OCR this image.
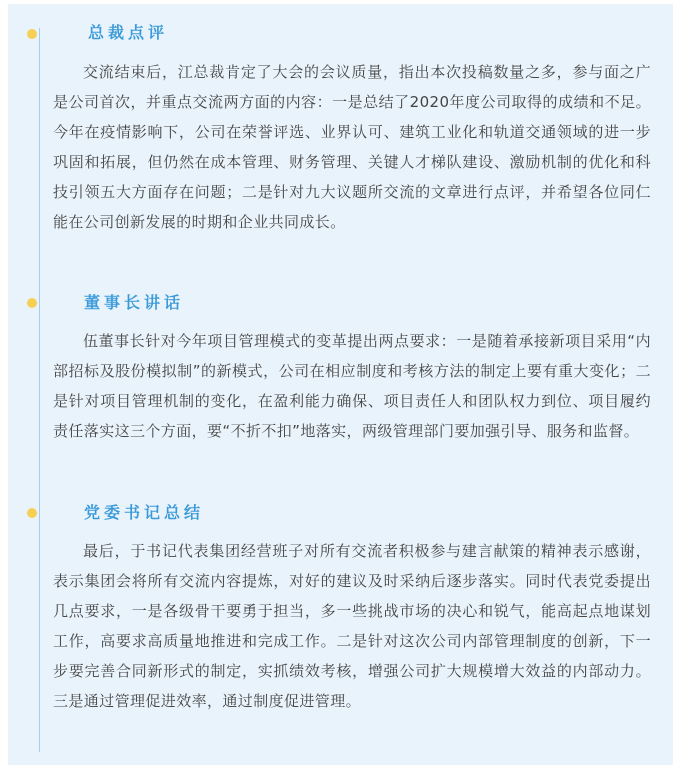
总裁点评
交流结束后，江总裁肯定了大会的会议质量，指出本次投稿数量之多，参与面之广是公司首次，并重点交流两方面的内容：一是总结了2020年度公司取得的成绩和不足。今年在疫情影响下，公司在荣誉评选、业界认可、建筑工业化和轨道交通领域的进一步巩固和拓展，但仍然在成本管理、财务管理、关键人才梯队建设、激励机制的优化和科技引领五大方面存在问题；二是针对九大议题所交流的文章进行点评，并希望各位同仁能在公司创新发展的时期和企业共同成长。
董事长讲话
伍董事长针对今年项目管理模式的变革提出两点要求：一是随着承接新项目采用“内部招标及股份模拟制”的新模式，公司在相应制度和考核方法的制定上要有重大变化；二是针对项目管理机制的变化，在盈利能力确保、项目责任人和团队权力到位、项目履约责任落实这三个方面，要“不折不扣”地落实，两级管理部门要加强引导、服务和监督。
党委书记总结
最后，于书记代表集团经营班子对所有交流者积极参与建言献策的精神表示感谢，表示集团会将所有交流内容提炼，对好的建议及时采纳后逐步落实。同时代表党委提出几点要求，一是各级骨干要勇于担当，多一些挑战市场的决心和锐气，能高起点地谋划工作，高要求高质量地推进和完成工作。二是针对这次公司内部管理制度的创新，下一步要完善合同新形式的制定，实抓绩效考核，增强公司扩大规模增大效益的内部动力。三是通过管理促进效率，通过制度促进管理。
